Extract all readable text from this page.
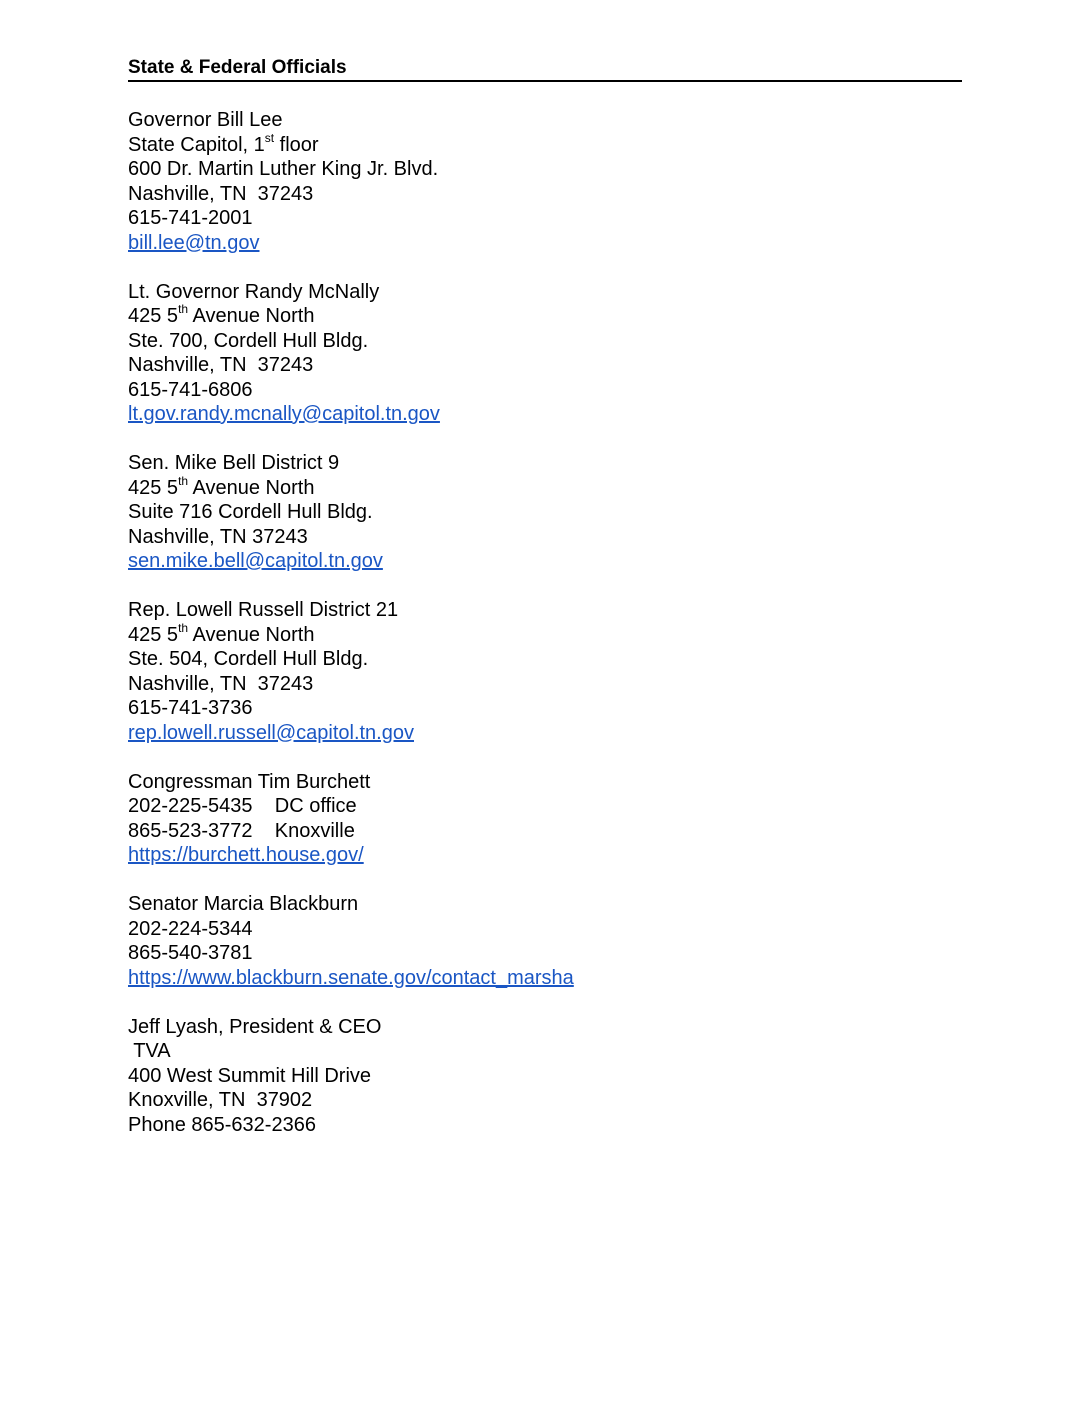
State & Federal Officials
Governor Bill Lee
State Capitol, 1st floor
600 Dr. Martin Luther King Jr. Blvd.
Nashville, TN  37243
615-741-2001
bill.lee@tn.gov
Lt. Governor Randy McNally
425 5th Avenue North
Ste. 700, Cordell Hull Bldg.
Nashville, TN  37243
615-741-6806
lt.gov.randy.mcnally@capitol.tn.gov
Sen. Mike Bell District 9
425 5th Avenue North
Suite 716 Cordell Hull Bldg.
Nashville, TN 37243
sen.mike.bell@capitol.tn.gov
Rep. Lowell Russell District 21
425 5th Avenue North
Ste. 504, Cordell Hull Bldg.
Nashville, TN  37243
615-741-3736
rep.lowell.russell@capitol.tn.gov
Congressman Tim Burchett
202-225-5435    DC office
865-523-3772    Knoxville
https://burchett.house.gov/
Senator Marcia Blackburn
202-224-5344
865-540-3781
https://www.blackburn.senate.gov/contact_marsha
Jeff Lyash, President & CEO
TVA
400 West Summit Hill Drive
Knoxville, TN  37902
Phone 865-632-2366
